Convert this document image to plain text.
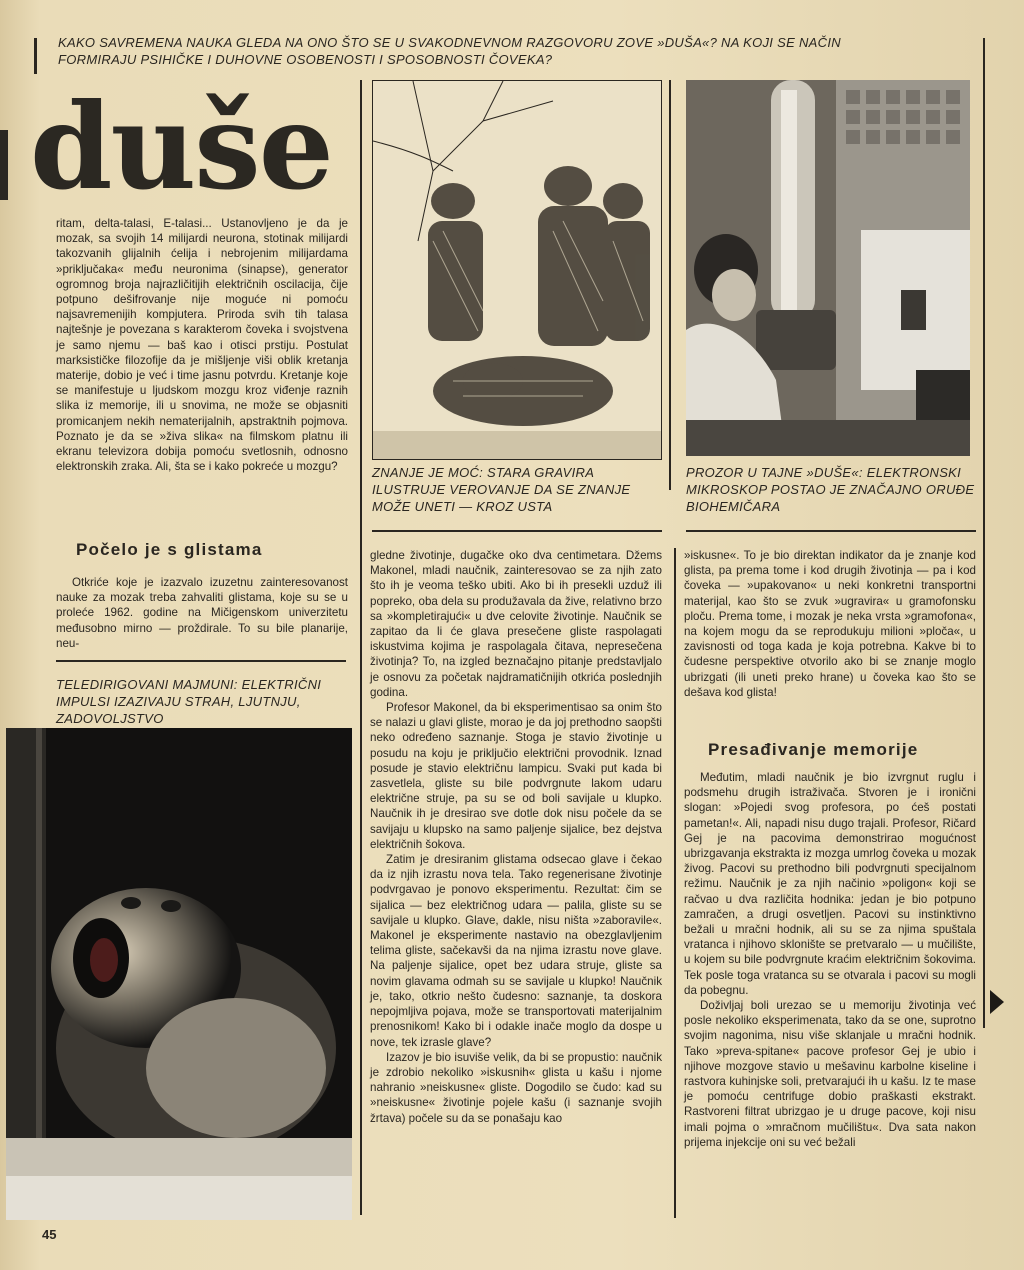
KAKO SAVREMENA NAUKA GLEDA NA ONO ŠTO SE U SVAKODNEVNOM RAZGOVORU ZOVE »DUŠA«? NA KOJI SE NAČIN
FORMIRAJU PSIHIČKE I DUHOVNE OSOBENOSTI I SPOSOBNOSTI ČOVEKA?
duše

ritam, delta-talasi, E-talasi... Ustanovljeno je da je mozak, sa svojih 14 milijardi neurona, stotinak milijardi takozvanih glijalnih ćelija i nebrojenim milijardama »priključaka« među neuronima (sinapse), generator ogromnog broja najrazličitijih električnih oscilacija, čije potpuno dešifrovanje nije moguće ni pomoću najsavremenijih kompjutera. Priroda svih tih talasa najtešnje je povezana s karakterom čoveka i svojstvena je samo njemu — baš kao i otisci prstiju. Postulat marksističke filozofije da je mišljenje viši oblik kretanja materije, dobio je već i time jasnu potvrdu. Kretanje koje se manifestuje u ljudskom mozgu kroz viđenje raznih slika iz memorije, ili u snovima, ne može se objasniti promicanjem nekih nematerijalnih, apstraktnih pojmova. Poznato je da se »živa slika« na filmskom platnu ili ekranu televizora dobija pomoću svetlosnih, odnosno elektronskih zraka. Ali, šta se i kako pokreće u mozgu?

Počelo je s glistama

Otkriće koje je izazvalo izuzetnu zainteresovanost nauke za mozak treba zahvaliti glistama, koje su se u proleće 1962. godine na Mičigenskom univerzitetu međusobno mirno — proždirale. To su bile planarije, neu-

TELEDIRIGOVANI MAJMUNI: ELEKTRIČNI IMPULSI IZAZIVAJU STRAH, LJUTNJU, ZADOVOLJSTVO
ZNANJE JE MOĆ: STARA GRAVIRA ILUSTRUJE VEROVANJE DA SE ZNANJE MOŽE UNETI — KROZ USTA
PROZOR U TAJNE »DUŠE«: ELEKTRONSKI MIKROSKOP POSTAO JE ZNAČAJNO ORUĐE BIOHEMIČARA

gledne životinje, dugačke oko dva centimetara. Džems Makonel, mladi naučnik, zainteresovao se za njih zato što ih je veoma teško ubiti. Ako bi ih presekli uzduž ili popreko, oba dela su produžavala da žive, relativno brzo sa »kompletirajući« u dve celovite životinje. Naučnik se zapitao da li će glava presečene gliste raspolagati iskustvima kojima je raspolagala čitava, nepresečena životinja? To, na izgled beznačajno pitanje predstavljalo je osnovu za početak najdramatičnijih otkrića poslednjih godina.

Profesor Makonel, da bi eksperimentisao sa onim što se nalazi u glavi gliste, morao je da joj prethodno saopšti neko određeno saznanje. Stoga je stavio životinje u posudu na koju je priključio električni provodnik. Iznad posude je stavio električnu lampicu. Svaki put kada bi zasvetlela, gliste su bile podvrgnute lakom udaru električne struje, pa su se od boli savijale u klupko. Naučnik ih je dresirao sve dotle dok nisu počele da se savijaju u klupsko na samo paljenje sijalice, bez dejstva električnih šokova.

Zatim je dresiranim glistama odsecao glave i čekao da iz njih izrastu nova tela. Tako regenerisane životinje podvrgavao je ponovo eksperimentu. Rezultat: čim se sijalica — bez električnog udara — palila, gliste su se savijale u klupko. Glave, dakle, nisu ništa »zaboravile«. Makonel je eksperimente nastavio na obezglavljenim telima gliste, sačekavši da na njima izrastu nove glave. Na paljenje sijalice, opet bez udara struje, gliste sa novim glavama odmah su se savijale u klupko! Naučnik je, tako, otkrio nešto čudesno: saznanje, ta doskora nepojmljiva pojava, može se transportovati materijalnim prenosnikom! Kako bi i odakle inače moglo da dospe u nove, tek izrasle glave?

Izazov je bio isuviše velik, da bi se propustio: naučnik je zdrobio nekoliko »iskusnih« glista u kašu i njome nahranio »neiskusne« gliste. Dogodilo se čudo: kad su »neiskusne« životinje pojele kašu (i saznanje svojih žrtava) počele su da se ponašaju kao

»iskusne«. To je bio direktan indikator da je znanje kod glista, pa prema tome i kod drugih životinja — pa i kod čoveka — »upakovano« u neki konkretni transportni materijal, kao što se zvuk »ugravira« u gramofonsku ploču. Prema tome, i mozak je neka vrsta »gramofona«, na kojem mogu da se reprodukuju milioni »ploča«, u zavisnosti od toga kada je koja potrebna. Kakve bi to čudesne perspektive otvorilo ako bi se znanje moglo ubrizgati (ili uneti preko hrane) u čoveka kao što se dešava kod glista!

Presađivanje memorije

Međutim, mladi naučnik je bio izvrgnut ruglu i podsmehu drugih istraživača. Stvoren je i ironični slogan: »Pojedi svog profesora, po ćeš postati pametan!«. Ali, napadi nisu dugo trajali. Profesor, Ričard Gej je na pacovima demonstrirao mogućnost ubrizgavanja ekstrakta iz mozga umrlog čoveka u mozak živog. Pacovi su prethodno bili podvrgnuti specijalnom režimu. Naučnik je za njih načinio »poligon« koji se račvao u dva različita hodnika: jedan je bio potpuno zamračen, a drugi osvetljen. Pacovi su instinktivno bežali u mračni hodnik, ali su se za njima spuštala vratanca i njihovo sklonište se pretvaralo — u mučilište, u kojem su bile podvrgnute kraćim električnim šokovima. Tek posle toga vratanca su se otvarala i pacovi su mogli da pobegnu.

Doživljaj boli urezao se u memoriju životinja već posle nekoliko eksperimenata, tako da se one, suprotno svojim nagonima, nisu više sklanjale u mračni hodnik. Tako »preva-spitane« pacove profesor Gej je ubio i njihove mozgove stavio u mešavinu karbolne kiseline i rastvora kuhinjske soli, pretvarajući ih u kašu. Iz te mase je pomoću centrifuge dobio praškasti ekstrakt. Rastvoreni filtrat ubrizgao je u druge pacove, koji nisu imali pojma o »mračnom mučilištu«. Dva sata nakon prijema injekcije oni su već bežali

45
